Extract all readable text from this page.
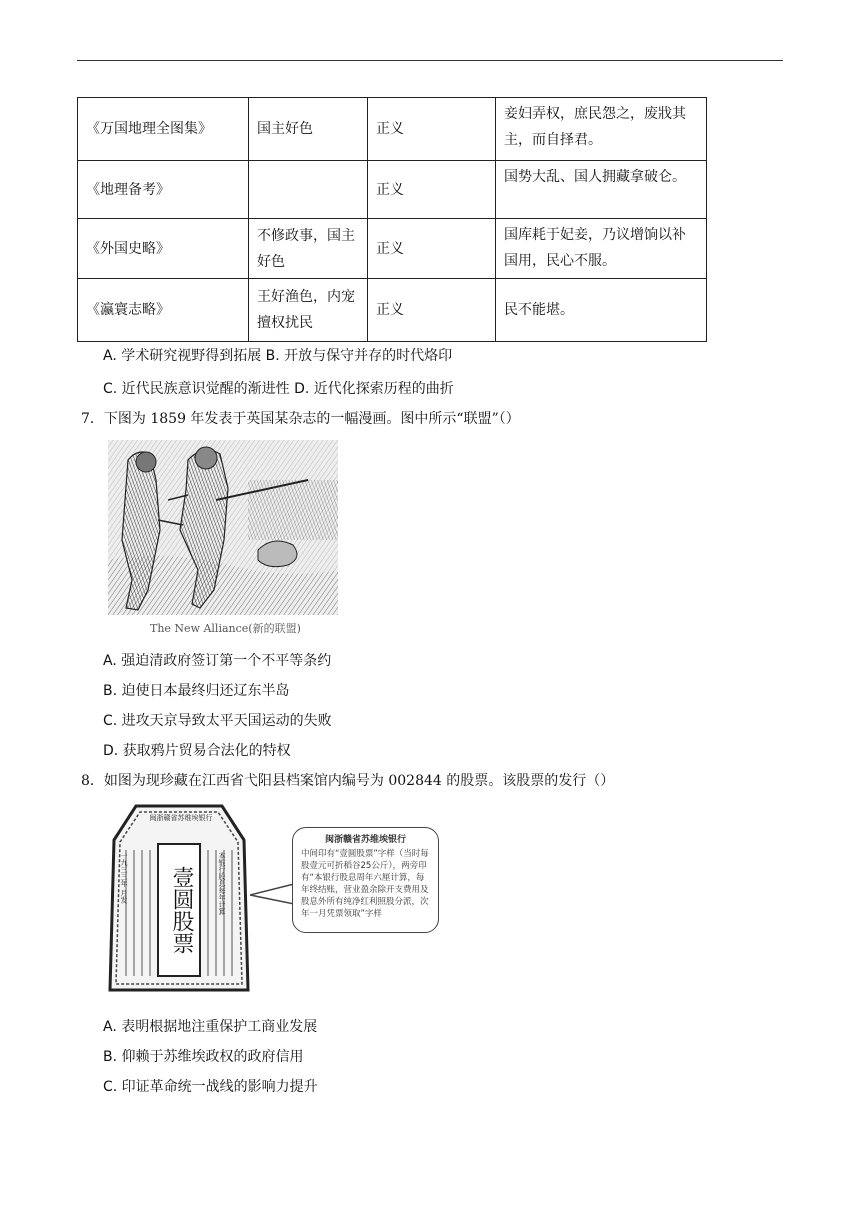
《万国地理全图集》	国主好色	正义	妾妇弄权，庶民怨之，废戕其主，而自择君。
《地理备考》		正义	国势大乱、国人拥藏拿破仑。
《外国史略》	不修政事，国主好色	正义	国库耗于妃妾，乃议增饷以补国用，民心不服。
《瀛寰志略》	王好渔色，内宠擅权扰民	正义	民不能堪。
A. 学术研究视野得到拓展 B. 开放与保守并存的时代烙印
C. 近代民族意识觉醒的渐进性 D. 近代化探索历程的曲折
7．下图为 1859 年发表于英国某杂志的一幅漫画。图中所示“联盟”（）
The New Alliance(新的联盟)
A. 强迫清政府签订第一个不平等条约
B. 迫使日本最终归还辽东半岛
C. 进攻天京导致太平天国运动的失败
D. 获取鸦片贸易合法化的特权
8．如图为现珍藏在江西省弋阳县档案馆内编号为 002844 的股票。该股票的发行（）
壹圆股票
闽浙赣省苏维埃银行
一九三三年 月发	本银行股息每年计算
闽浙赣省苏维埃银行
中间印有“壹圆股票”字样（当时每股壹元可折稻谷25公斤），两旁印有“本银行股息周年六厘计算，每年终结账，营业盈余除开支费用及股息外所有纯净红利照股分派，次年一月凭票领取”字样
A. 表明根据地注重保护工商业发展
B. 仰赖于苏维埃政权的政府信用
C. 印证革命统一战线的影响力提升
